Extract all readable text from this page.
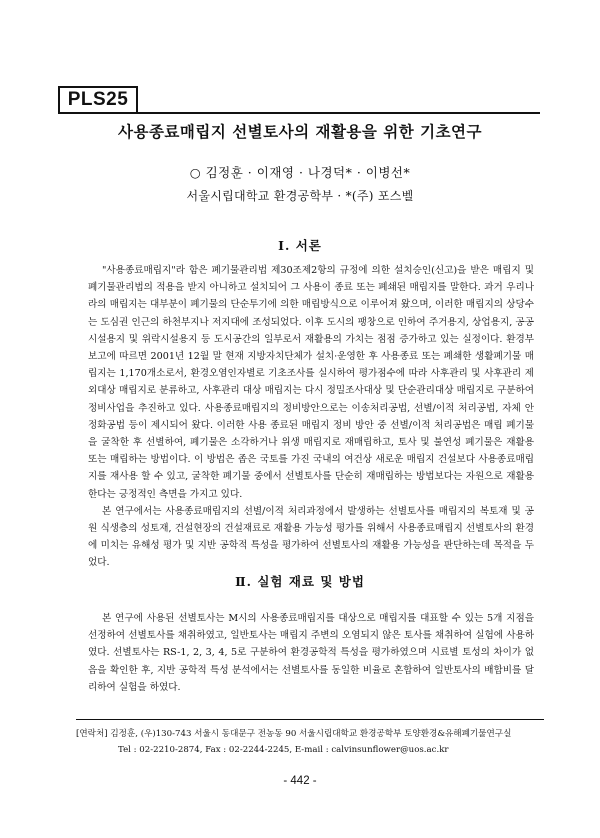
PLS25
사용종료매립지 선별토사의 재활용을 위한 기초연구
○ 김정훈 · 이재영 · 나경덕* · 이병선*
서울시립대학교 환경공학부 · *(주) 포스벨
Ⅰ. 서론

"사용종료매립지"라 함은 폐기물관리법 제30조제2항의 규정에 의한 설치승인(신고)을 받은 매립지 및 폐기물관리법의 적용을 받지 아니하고 설치되어 그 사용이 종료 또는 폐쇄된 매립지를 말한다. 과거 우리나라의 매립지는 대부분이 폐기물의 단순투기에 의한 매립방식으로 이루어져 왔으며, 이러한 매립지의 상당수는 도심권 인근의 하천부지나 저지대에 조성되었다. 이후 도시의 팽창으로 인하여 주거용지, 상업용지, 공공시설용지 및 위락시설용지 등 도시공간의 일부로서 재활용의 가치는 점점 증가하고 있는 실정이다. 환경부 보고에 따르면 2001년 12월 말 현재 지방자치단체가 설치·운영한 후 사용종료 또는 폐쇄한 생활폐기물 매립지는 1,170개소로서, 환경오염인자별로 기초조사를 실시하여 평가점수에 따라 사후관리 및 사후관리 제외대상 매립지로 분류하고, 사후관리 대상 매립지는 다시 정밀조사대상 및 단순관리대상 매립지로 구분하여 정비사업을 추진하고 있다. 사용종료매립지의 정비방안으로는 이송처리공법, 선별/이적 처리공법, 자체 안정화공법 등이 제시되어 왔다. 이러한 사용 종료된 매립지 정비 방안 중 선별/이적 처리공법은 매립 폐기물을 굴착한 후 선별하여, 폐기물은 소각하거나 위생 매립지로 재매립하고, 토사 및 불연성 폐기물은 재활용 또는 매립하는 방법이다. 이 방법은 좁은 국토를 가진 국내의 여건상 새로운 매립지 건설보다 사용종료매립지를 재사용 할 수 있고, 굴착한 폐기물 중에서 선별토사를 단순히 재매립하는 방법보다는 자원으로 재활용한다는 긍정적인 측면을 가지고 있다.

본 연구에서는 사용종료매립지의 선별/이적 처리과정에서 발생하는 선별토사를 매립지의 복토재 및 공원 식생층의 성토재, 건설현장의 건설재료로 재활용 가능성 평가를 위해서 사용종료매립지 선별토사의 환경에 미치는 유해성 평가 및 지반 공학적 특성을 평가하여 선별토사의 재활용 가능성을 판단하는데 목적을 두었다.

Ⅱ. 실험 재료 및 방법

본 연구에 사용된 선별토사는 M시의 사용종료매립지를 대상으로 매립지를 대표할 수 있는 5개 지점을 선정하여 선별토사를 채취하였고, 일반토사는 매립지 주변의 오염되지 않은 토사를 채취하여 실험에 사용하였다. 선별토사는 RS-1, 2, 3, 4, 5로 구분하여 환경공학적 특성을 평가하였으며 시료별 토성의 차이가 없음을 확인한 후, 지반 공학적 특성 분석에서는 선별토사를 동일한 비율로 혼합하여 일반토사의 배합비를 달리하여 실험을 하였다.

[연락처] 김정훈, (우)130-743 서울시 동대문구 전농동 90 서울시립대학교 환경공학부 토양환경&유해폐기물연구실
Tel : 02-2210-2874, Fax : 02-2244-2245, E-mail : calvinsunflower@uos.ac.kr
- 442 -
